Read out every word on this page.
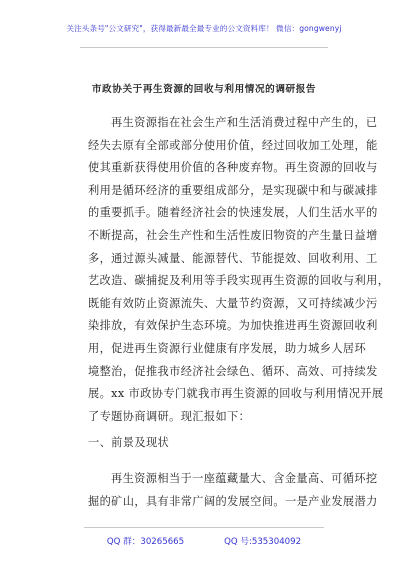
关注头条号"公文研究"，获得最新最全最专业的公文资料库！ 微信：gongwenyj
市政协关于再生资源的回收与利用情况的调研报告
再生资源指在社会生产和生活消费过程中产生的，已
经失去原有全部或部分使用价值，经过回收加工处理，能
使其重新获得使用价值的各种废弃物。再生资源的回收与
利用是循环经济的重要组成部分，是实现碳中和与碳减排
的重要抓手。随着经济社会的快速发展，人们生活水平的
不断提高，社会生产性和生活性废旧物资的产生量日益增
多，通过源头减量、能源替代、节能提效、回收利用、工
艺改造、碳捕捉及利用等手段实现再生资源的回收与利用，
既能有效防止资源流失、大量节约资源，又可持续减少污
染排放，有效保护生态环境。为加快推进再生资源回收利
用，促进再生资源行业健康有序发展，助力城乡人居环
境整治，促推我市经济社会绿色、循环、高效、可持续发
展。xx 市政协专门就我市再生资源的回收与利用情况开展
了专题协商调研。现汇报如下：
一、前景及现状
再生资源相当于一座蕴藏量大、含金量高、可循环挖
掘的矿山，具有非常广阔的发展空间。一是产业发展潜力
QQ 群：30265665	QQ 号:535304092
